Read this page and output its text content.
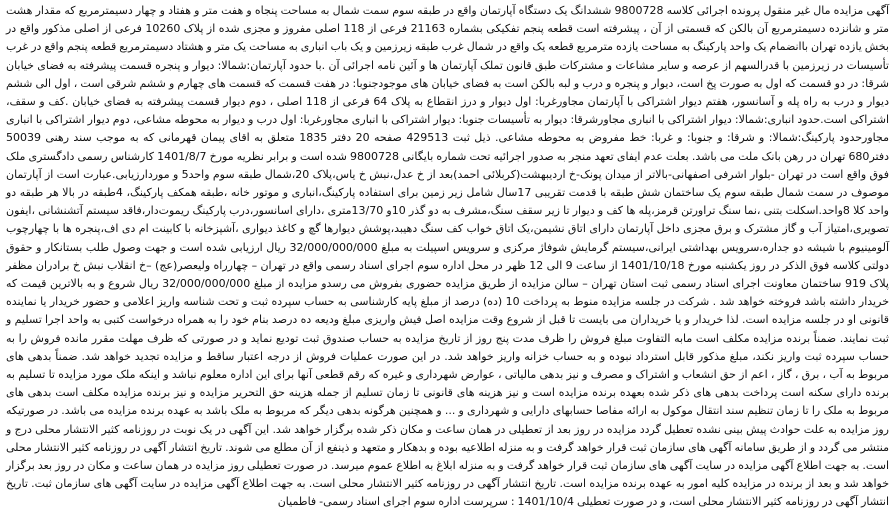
آگهی مزایده مال غیر منقول پرونده اجرائی کلاسه 9800728 ششدانگ یک دستگاه آپارتمان واقع در طبقه سوم سمت شمال به مساحت پنجاه و هفت متر و هفتاد و چهار دسیمترمربع که مقدار هشت متر و شانزده دسیمترمربع آن بالکن که قسمتی از آن ، پیشرفته است قطعه پنجم تفکیکی بشماره 21163 فرعی از 118 اصلی مفروز و مجزی شده از پلاک 10260 فرعی از اصلی مذکور واقع در بخش یازده تهران باانضمام یک واحد پارکینگ به مساحت یازده مترمربع قطعه یک واقع در شمال غرب طبقه زیرزمین و یک باب انباری به مساحت یک متر و هشتاد دسیمترمربع قطعه پنجم واقع در غرب تأسیسات در زیرزمین با قدرالسهم از عرصه و سایر مشاعات و مشترکات طبق قانون تملک آپارتمان ها و آئین نامه اجرائی آن .با حدود آپارتمان:شمالا: دیوار و پنجره قسمت پیشرفته به فضای خیابان شرقا: در دو قسمت که اول به صورت پخ است، دیوار و پنجره و درب و لبه بالکن است به فضای خیابان های موجودجنوبا: در هفت قسمت که قسمت های چهارم و ششم شرقی است ، اول الی ششم دیوار و درب به راه پله و آسانسور، هفتم دیوار اشتراکی با آپارتمان مجاورغربا: اول دیوار و درز انقطاع به پلاک 64 فرعی از 118 اصلی ، دوم دیوار قسمت پیشرفته به فضای خیابان .کف و سقف، اشتراکی است.حدود انباری:شمالا: دیوار اشتراکی با انباری مجاورشرقا: دیوار به تأسیسات جنوبا: دیوار اشتراکی با انباری مجاورغربا: اول درب و دیوار به محوطه مشاعی، دوم دیوار اشتراکی با انباری مجاورحدود پارکینگ:شمالا: و شرقا: و جنوبا: و غربا: خط مفروض به محوطه مشاعی. ذیل ثبت 429513 صفحه 20 دفتر 1835 متعلق به اقای پیمان قهرمانی که به موجب سند رهنی 50039 دفتر680 تهران در رهن بانک ملت می باشد. بعلت عدم ایفای تعهد منجر به صدور اجرائیه تحت شماره بایگانی 9800728 شده است و برابر نظریه مورخ 1401/8/7 کارشناس رسمی دادگستری ملک فوق واقع است در تهران -بلوار اشرفی اصفهانی-بالاتر از میدان پونک-خ اردیبهشت(کربلائی احمد)بعد از خ عدل،نبش خ یاس،پلاک 20،شمال طبقه سوم واحد5 و موردارزیابی.عبارت است از آپارتمان موصوف در سمت شمال طبقه سوم یک ساختمان شش طبقه با قدمت تقریبی 17سال شامل زیر زمین برای استفاده پارکینگ،انباری و موتور خانه ،طبقه همکف پارکینگ، 4طبقه در بالا هر طبقه دو واحد کلا 8واحد.اسکلت بتنی ،نما سنگ تراورتن قرمز،پله ها کف و دیوار تا زیر سقف سنگ،مشرف به دو گذر 10و 13/70متری ،دارای اسانسور،درب پارکینگ ریموت‌دار،فاقد سیستم آتشنشانی ،ایفون تصویری،امتیاز آب و گاز مشترک و برق مجزی داخل آپارتمان دارای اتاق نشیمن،یک اتاق خواب کف سنگ دهیبد،پوشش دیوارها گچ و کاغذ دیواری ،آشپزخانه با کابینت ام دی اف،پنجره ها با چهارچوب آلومینیوم با شیشه دو جداره،سرویس بهداشتی ایرانی،سیستم گرمایش شوفاژ مرکزی و سرویس اسپیلت به مبلغ 32/000/000/000 ریال ارزیابی شده است و جهت وصول طلب بستانکار و حقوق دولتی کلاسه فوق الذکر در روز یکشنبه مورخ 1401/10/18 از ساعت 9 الی 12 ظهر در محل اداره سوم اجرای اسناد رسمی واقع در تهران – چهارراه ولیعصر(عج) –خ انقلاب نبش خ برادران مظفر پلاک 919 ساختمان معاونت اجرای اسناد رسمی ثبت استان تهران – سالن مزایده از طریق مزایده حضوری بفروش می رسدو مزایده از مبلغ 32/000/000/000 ریال شروع و به بالاترین قیمت که خریدار داشته باشد فروخته خواهد شد . شرکت در جلسه مزایده منوط به پرداخت 10 (ده) درصد از مبلغ پایه کارشناسی به حساب سپرده ثبت و تحت شناسه واریز اعلامی و حضور خریدار یا نماینده قانونی او در جلسه مزایده است. لذا خریدار و یا خریداران می بایست تا قبل از شروع وقت مزایده اصل فیش واریزی مبلغ ودیعه ده درصد بنام خود را به همراه درخواست کتبی به واحد اجرا تسلیم و ثبت نمایند. ضمناً برنده مزایده مکلف است مابه التفاوت مبلغ فروش را ظرف مدت پنج روز از تاریخ مزایده به حساب صندوق ثبت تودیع نماید و در صورتی که ظرف مهلت مقرر مانده فروش را به حساب سپرده ثبت واریز نکند، مبلغ مذکور قابل استرداد نبوده و به حساب خزانه واریز خواهد شد. در این صورت عملیات فروش از درجه اعتبار ساقط و مزایده تجدید خواهد شد. ضمناً بدهی های مربوط به آب ، برق ، گاز ، اعم از حق انشعاب و اشتراک و مصرف و نیز بدهی مالیاتی ، عوارض شهرداری و غیره که رقم قطعی آنها برای این اداره معلوم نباشد و اینکه ملک مورد مزایده تا تسلیم به برنده دارای سکنه است پرداخت بدهی های ذکر شده بعهده برنده مزایده است و نیز هزینه های قانونی تا زمان تسلیم از جمله هزینه حق التحریر مزایده و نیز برنده مزایده مکلف است بدهی های مربوط به ملک را تا زمان تنظیم سند انتقال موکول به ارائه مفاصا حسابهای دارایی و شهرداری و ... و همچنین هرگونه بدهی دیگر که مربوط به ملک باشد به عهده برنده مزایده می باشد. در صورتیکه روز مزایده به علت حوادث پیش بینی نشده تعطیل گردد مزایده در روز بعد از تعطیلی در همان ساعت و مکان ذکر شده برگزار خواهد شد. این آگهی در یک نوبت در روزنامه کثیر الانتشار محلی درج و منتشر می گردد و از طریق سامانه آگهی های سازمان ثبت قرار خواهد گرفت و به منزله اطلاعیه بوده و بدهکار و متعهد و ذینفع از آن مطلع می شوند. تاریخ انتشار آگهی در روزنامه کثیر الانتشار محلی است. به جهت اطلاع آگهی مزایده در سایت آگهی های سازمان ثبت قرار خواهد گرفت و به منزله ابلاغ به اطلاع عموم میرسد. در صورت تعطیلی روز مزایده در همان ساعت و مکان در روز بعد برگزار خواهد شد و بعد از برنده در مزایده کلیه امور به عهده برنده مزایده است. تاریخ انتشار آگهی در روزنامه کثیر الانتشار محلی است. به جهت اطلاع آگهی مزایده در سایت آگهی های سازمان ثبت. تاریخ انتشار آگهی در روزنامه کثیر الانتشار محلی است، و در صورت تعطیلی 1401/10/4 : سرپرست اداره سوم اجرای اسناد رسمی- فاطمیان
